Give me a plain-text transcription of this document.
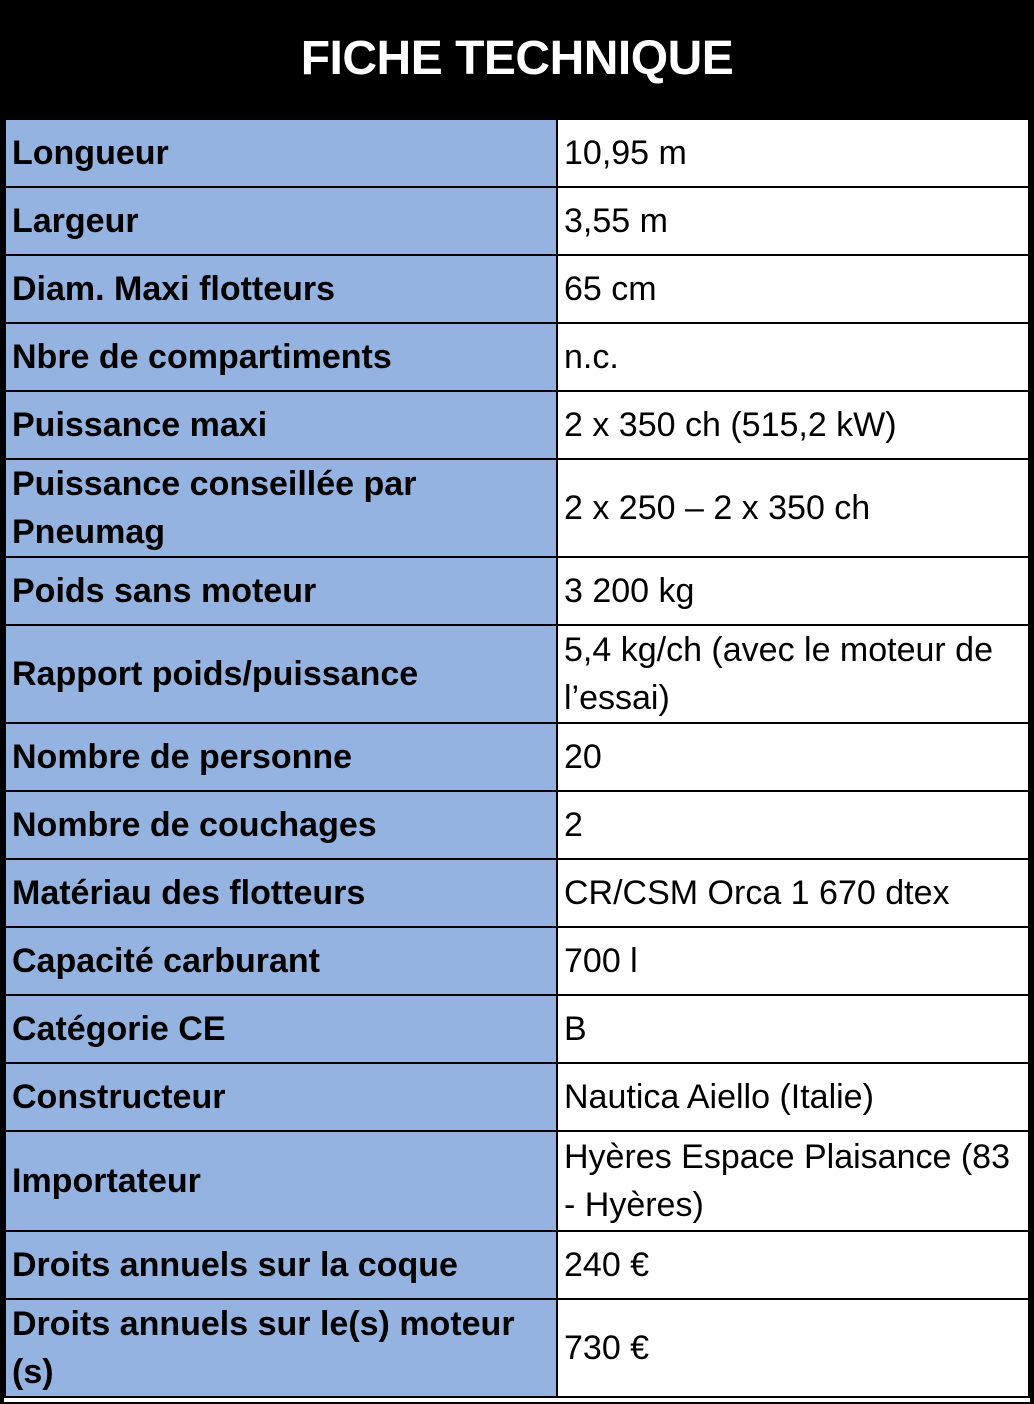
FICHE TECHNIQUE
Longueur	10,95 m
Largeur	3,55 m
Diam. Maxi flotteurs	65 cm
Nbre de compartiments	n.c.
Puissance maxi	2 x 350 ch (515,2 kW)
Puissance conseillée par Pneumag	2 x 250 – 2 x 350 ch
Poids sans moteur	3 200 kg
Rapport poids/puissance	5,4 kg/ch (avec le moteur de l’essai)
Nombre de personne	20
Nombre de couchages	2
Matériau des flotteurs	CR/CSM Orca 1 670 dtex
Capacité carburant	700 l
Catégorie CE	B
Constructeur	Nautica Aiello (Italie)
Importateur	Hyères Espace Plaisance (83 - Hyères)
Droits annuels sur la coque	240 €
Droits annuels sur le(s) moteur (s)	730 €
